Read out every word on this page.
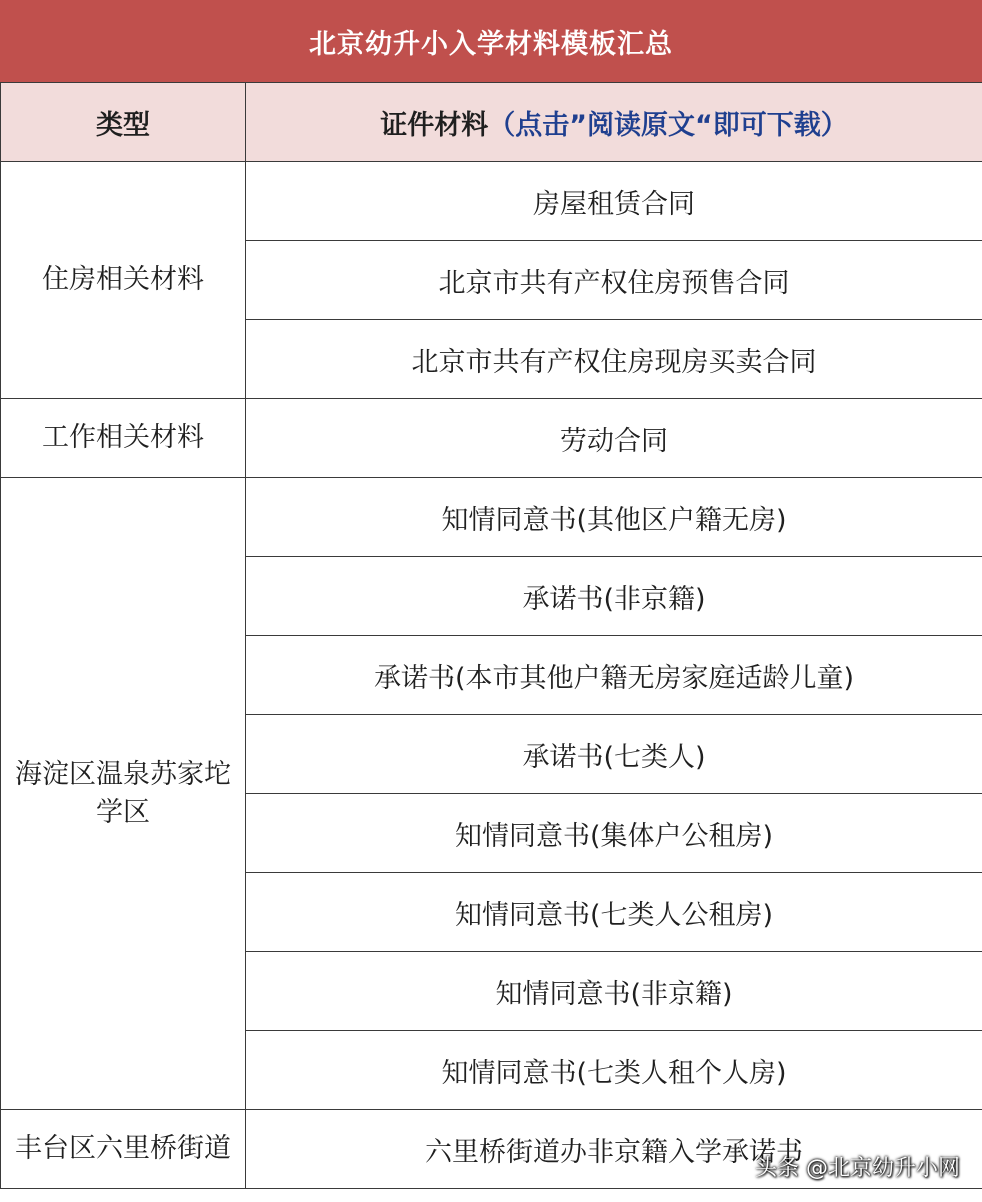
北京幼升小入学材料模板汇总
类型	证件材料（点击”阅读原文“即可下载）
住房相关材料	房屋租赁合同
	北京市共有产权住房预售合同
	北京市共有产权住房现房买卖合同
工作相关材料	劳动合同
海淀区温泉苏家坨学区	知情同意书(其他区户籍无房)
	承诺书(非京籍)
	承诺书(本市其他户籍无房家庭适龄儿童)
	承诺书(七类人)
	知情同意书(集体户公租房)
	知情同意书(七类人公租房)
	知情同意书(非京籍)
	知情同意书(七类人租个人房)
丰台区六里桥街道	六里桥街道办非京籍入学承诺书
头条 @北京幼升小网
